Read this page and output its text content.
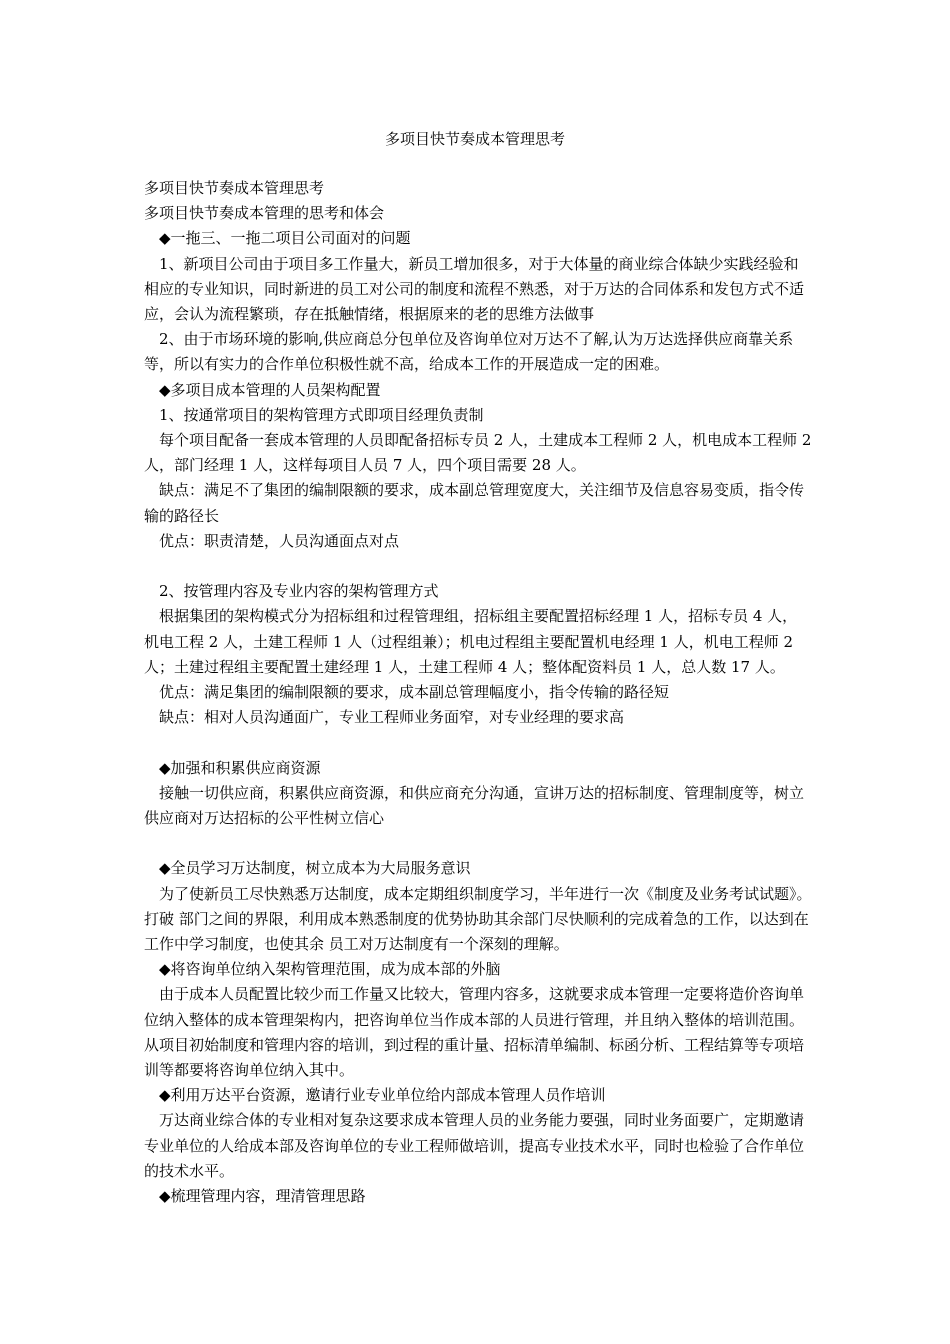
多项目快节奏成本管理思考

多项目快节奏成本管理思考

多项目快节奏成本管理的思考和体会

◆一拖三、一拖二项目公司面对的问题

1、新项目公司由于项目多工作量大，新员工增加很多，对于大体量的商业综合体缺少实践经验和相应的专业知识，同时新进的员工对公司的制度和流程不熟悉，对于万达的合同体系和发包方式不适应，会认为流程繁琐，存在抵触情绪，根据原来的老的思维方法做事

2、由于市场环境的影响,供应商总分包单位及咨询单位对万达不了解,认为万达选择供应商靠关系等，所以有实力的合作单位积极性就不高，给成本工作的开展造成一定的困难。

◆多项目成本管理的人员架构配置

1、按通常项目的架构管理方式即项目经理负责制

每个项目配备一套成本管理的人员即配备招标专员 2 人，土建成本工程师 2 人，机电成本工程师 2 人，部门经理 1 人，这样每项目人员 7 人，四个项目需要 28 人。

缺点：满足不了集团的编制限额的要求，成本副总管理宽度大，关注细节及信息容易变质，指令传输的路径长

优点：职责清楚，人员沟通面点对点

2、按管理内容及专业内容的架构管理方式

根据集团的架构模式分为招标组和过程管理组，招标组主要配置招标经理 1 人，招标专员 4 人，机电工程 2 人，土建工程师 1 人（过程组兼）；机电过程组主要配置机电经理 1 人，机电工程师 2 人；土建过程组主要配置土建经理 1 人，土建工程师 4 人；整体配资料员 1 人，总人数 17 人。

优点：满足集团的编制限额的要求，成本副总管理幅度小，指令传输的路径短

缺点：相对人员沟通面广，专业工程师业务面窄，对专业经理的要求高

◆加强和积累供应商资源

接触一切供应商，积累供应商资源，和供应商充分沟通，宣讲万达的招标制度、管理制度等，树立供应商对万达招标的公平性树立信心

◆全员学习万达制度，树立成本为大局服务意识

为了使新员工尽快熟悉万达制度，成本定期组织制度学习，半年进行一次《制度及业务考试试题》。打破 部门之间的界限，利用成本熟悉制度的优势协助其余部门尽快顺利的完成着急的工作，以达到在工作中学习制度，也使其余 员工对万达制度有一个深刻的理解。

◆将咨询单位纳入架构管理范围，成为成本部的外脑

由于成本人员配置比较少而工作量又比较大，管理内容多，这就要求成本管理一定要将造价咨询单位纳入整体的成本管理架构内，把咨询单位当作成本部的人员进行管理，并且纳入整体的培训范围。从项目初始制度和管理内容的培训，到过程的重计量、招标清单编制、标函分析、工程结算等专项培训等都要将咨询单位纳入其中。

◆利用万达平台资源，邀请行业专业单位给内部成本管理人员作培训

万达商业综合体的专业相对复杂这要求成本管理人员的业务能力要强，同时业务面要广，定期邀请专业单位的人给成本部及咨询单位的专业工程师做培训，提高专业技术水平，同时也检验了合作单位的技术水平。

◆梳理管理内容，理清管理思路
